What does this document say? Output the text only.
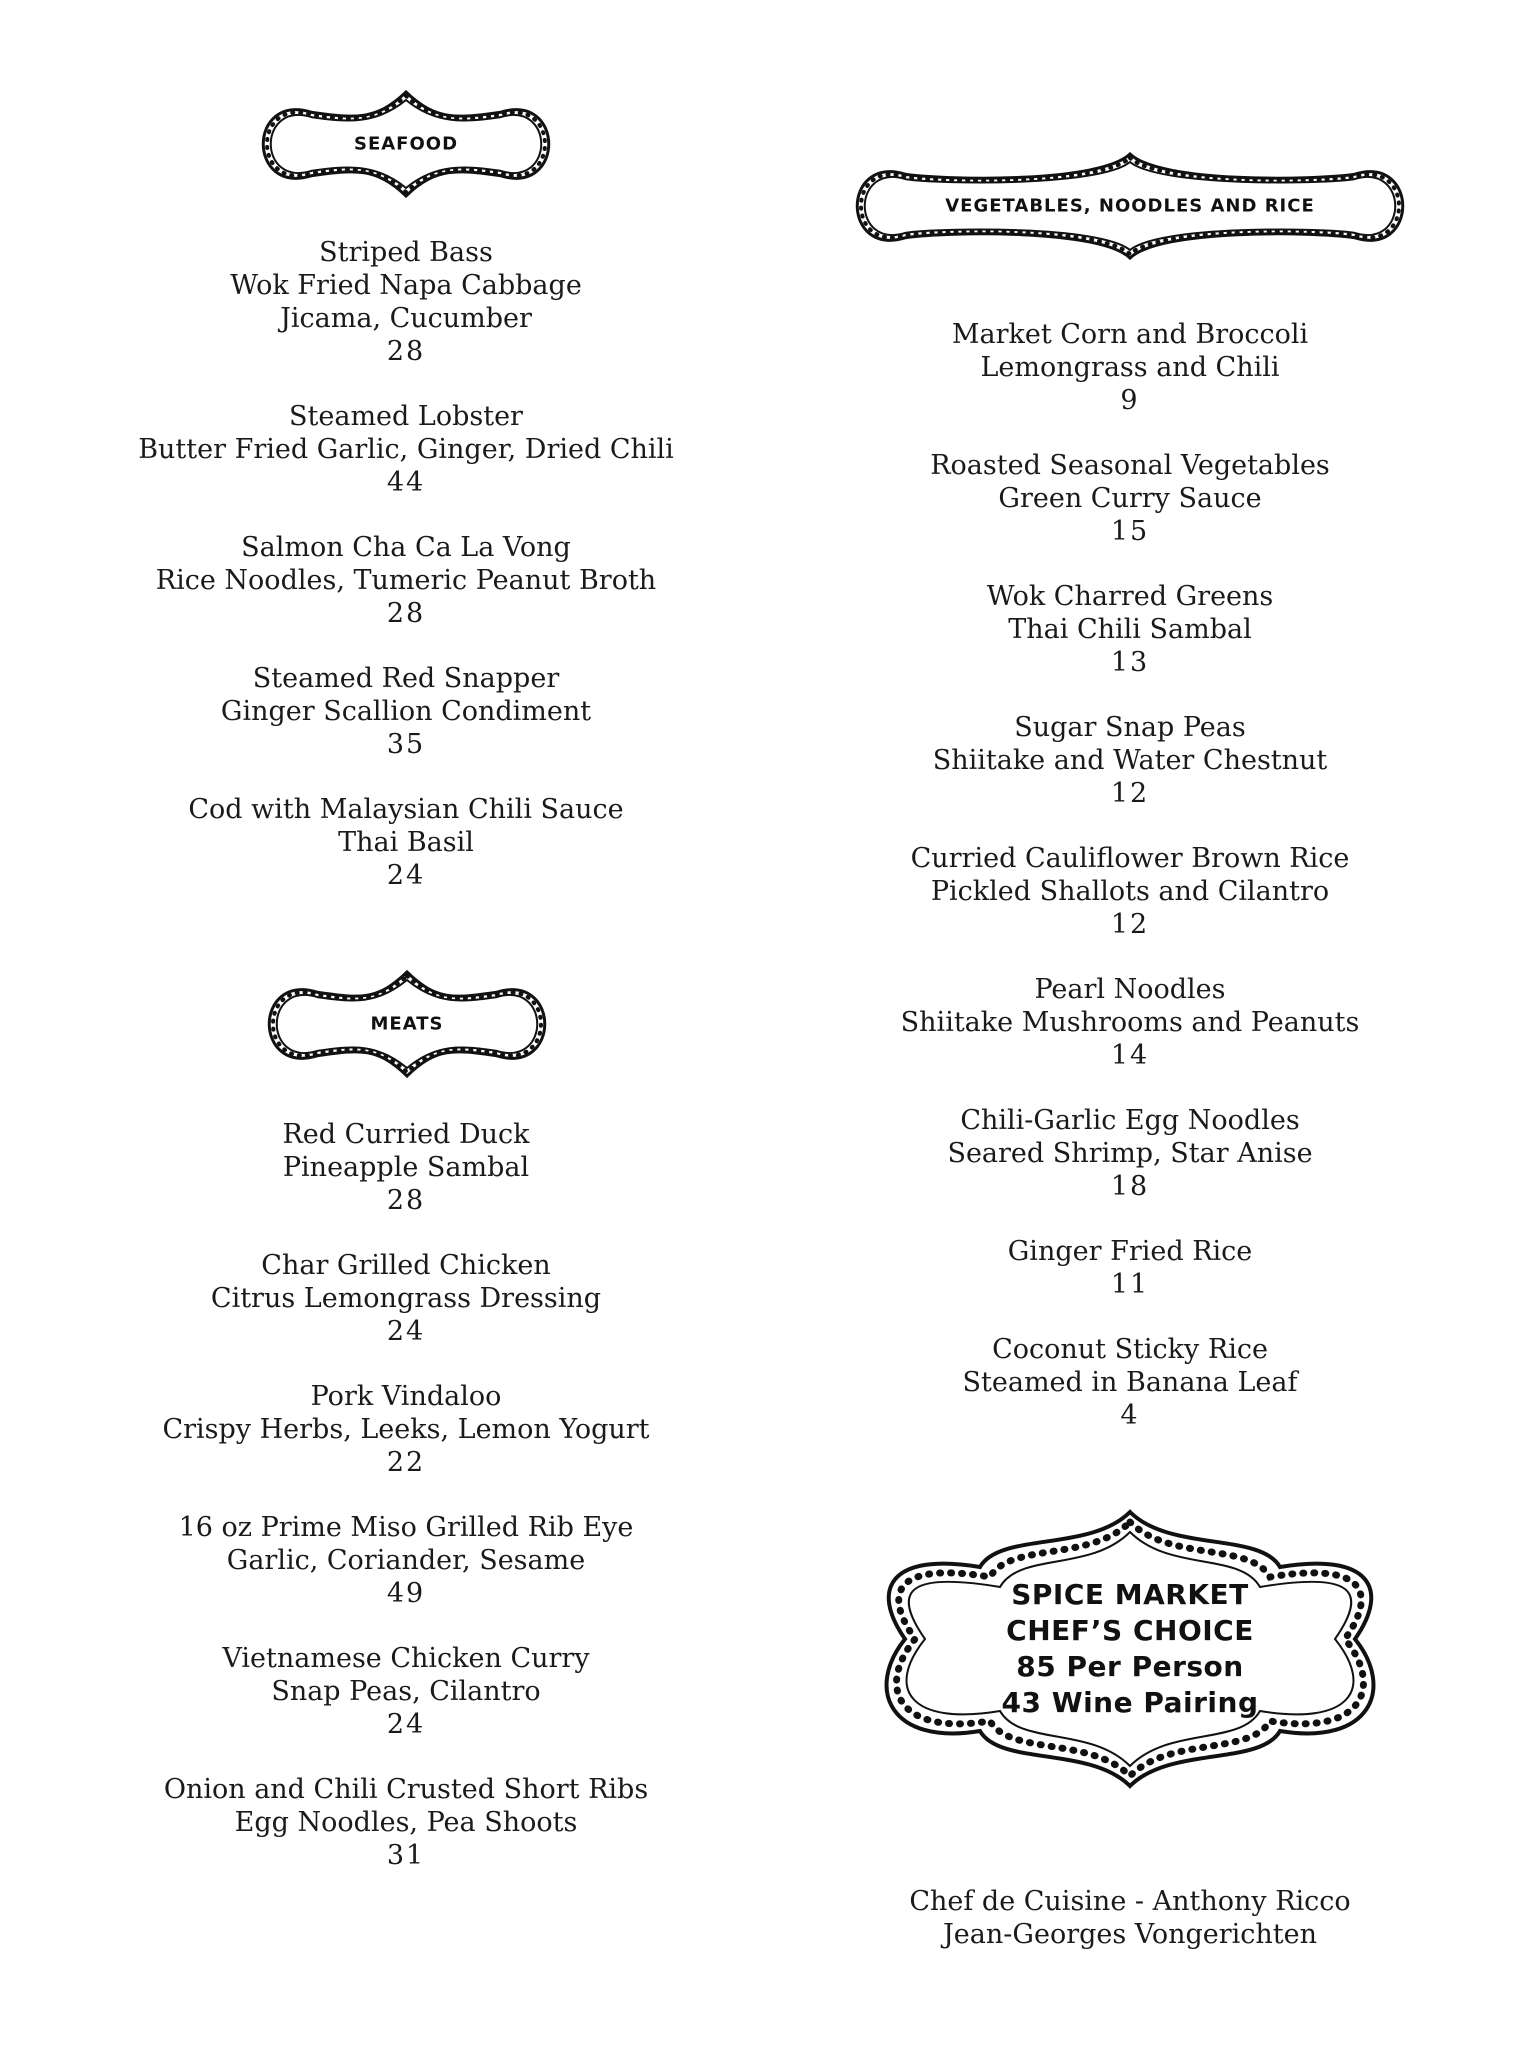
SEAFOOD
Striped Bass
Wok Fried Napa Cabbage
Jicama, Cucumber
28
Steamed Lobster
Butter Fried Garlic, Ginger, Dried Chili
44
Salmon Cha Ca La Vong
Rice Noodles, Tumeric Peanut Broth
28
Steamed Red Snapper
Ginger Scallion Condiment
35
Cod with Malaysian Chili Sauce
Thai Basil
24
MEATS
Red Curried Duck
Pineapple Sambal
28
Char Grilled Chicken
Citrus Lemongrass Dressing
24
Pork Vindaloo
Crispy Herbs, Leeks, Lemon Yogurt
22
16 oz Prime Miso Grilled Rib Eye
Garlic, Coriander, Sesame
49
Vietnamese Chicken Curry
Snap Peas, Cilantro
24
Onion and Chili Crusted Short Ribs
Egg Noodles, Pea Shoots
31
VEGETABLES, NOODLES AND RICE
Market Corn and Broccoli
Lemongrass and Chili
9
Roasted Seasonal Vegetables
Green Curry Sauce
15
Wok Charred Greens
Thai Chili Sambal
13
Sugar Snap Peas
Shiitake and Water Chestnut
12
Curried Cauliflower Brown Rice
Pickled Shallots and Cilantro
12
Pearl Noodles
Shiitake Mushrooms and Peanuts
14
Chili-Garlic Egg Noodles
Seared Shrimp, Star Anise
18
Ginger Fried Rice
11
Coconut Sticky Rice
Steamed in Banana Leaf
4
SPICE MARKET
CHEF’S CHOICE
85 Per Person
43 Wine Pairing
Chef de Cuisine - Anthony Ricco
Jean-Georges Vongerichten
